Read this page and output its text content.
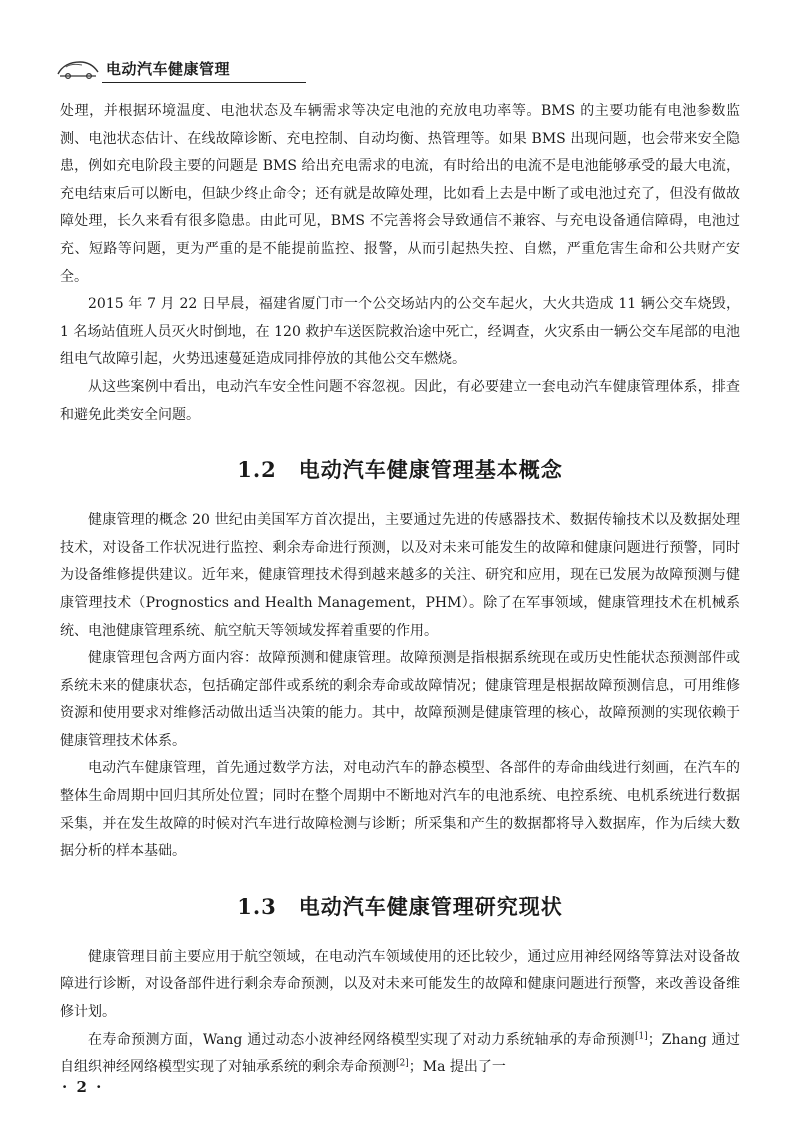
电动汽车健康管理

处理，并根据环境温度、电池状态及车辆需求等决定电池的充放电功率等。BMS 的主要功能有电池参数监测、电池状态估计、在线故障诊断、充电控制、自动均衡、热管理等。如果 BMS 出现问题，也会带来安全隐患，例如充电阶段主要的问题是 BMS 给出充电需求的电流，有时给出的电流不是电池能够承受的最大电流，充电结束后可以断电，但缺少终止命令；还有就是故障处理，比如看上去是中断了或电池过充了，但没有做故障处理，长久来看有很多隐患。由此可见，BMS 不完善将会导致通信不兼容、与充电设备通信障碍，电池过充、短路等问题，更为严重的是不能提前监控、报警，从而引起热失控、自燃，严重危害生命和公共财产安全。

2015 年 7 月 22 日早晨，福建省厦门市一个公交场站内的公交车起火，大火共造成 11 辆公交车烧毁，1 名场站值班人员灭火时倒地，在 120 救护车送医院救治途中死亡，经调查，火灾系由一辆公交车尾部的电池组电气故障引起，火势迅速蔓延造成同排停放的其他公交车燃烧。

从这些案例中看出，电动汽车安全性问题不容忽视。因此，有必要建立一套电动汽车健康管理体系，排查和避免此类安全问题。

1.2 电动汽车健康管理基本概念

健康管理的概念 20 世纪由美国军方首次提出，主要通过先进的传感器技术、数据传输技术以及数据处理技术，对设备工作状况进行监控、剩余寿命进行预测，以及对未来可能发生的故障和健康问题进行预警，同时为设备维修提供建议。近年来，健康管理技术得到越来越多的关注、研究和应用，现在已发展为故障预测与健康管理技术（Prognostics and Health Management，PHM）。除了在军事领域，健康管理技术在机械系统、电池健康管理系统、航空航天等领域发挥着重要的作用。

健康管理包含两方面内容：故障预测和健康管理。故障预测是指根据系统现在或历史性能状态预测部件或系统未来的健康状态，包括确定部件或系统的剩余寿命或故障情况；健康管理是根据故障预测信息，可用维修资源和使用要求对维修活动做出适当决策的能力。其中，故障预测是健康管理的核心，故障预测的实现依赖于健康管理技术体系。

电动汽车健康管理，首先通过数学方法，对电动汽车的静态模型、各部件的寿命曲线进行刻画，在汽车的整体生命周期中回归其所处位置；同时在整个周期中不断地对汽车的电池系统、电控系统、电机系统进行数据采集，并在发生故障的时候对汽车进行故障检测与诊断；所采集和产生的数据都将导入数据库，作为后续大数据分析的样本基础。

1.3 电动汽车健康管理研究现状

健康管理目前主要应用于航空领域，在电动汽车领域使用的还比较少，通过应用神经网络等算法对设备故障进行诊断，对设备部件进行剩余寿命预测，以及对未来可能发生的故障和健康问题进行预警，来改善设备维修计划。

在寿命预测方面，Wang 通过动态小波神经网络模型实现了对动力系统轴承的寿命预测[1]；Zhang 通过自组织神经网络模型实现了对轴承系统的剩余寿命预测[2]；Ma 提出了一

· 2 ·
